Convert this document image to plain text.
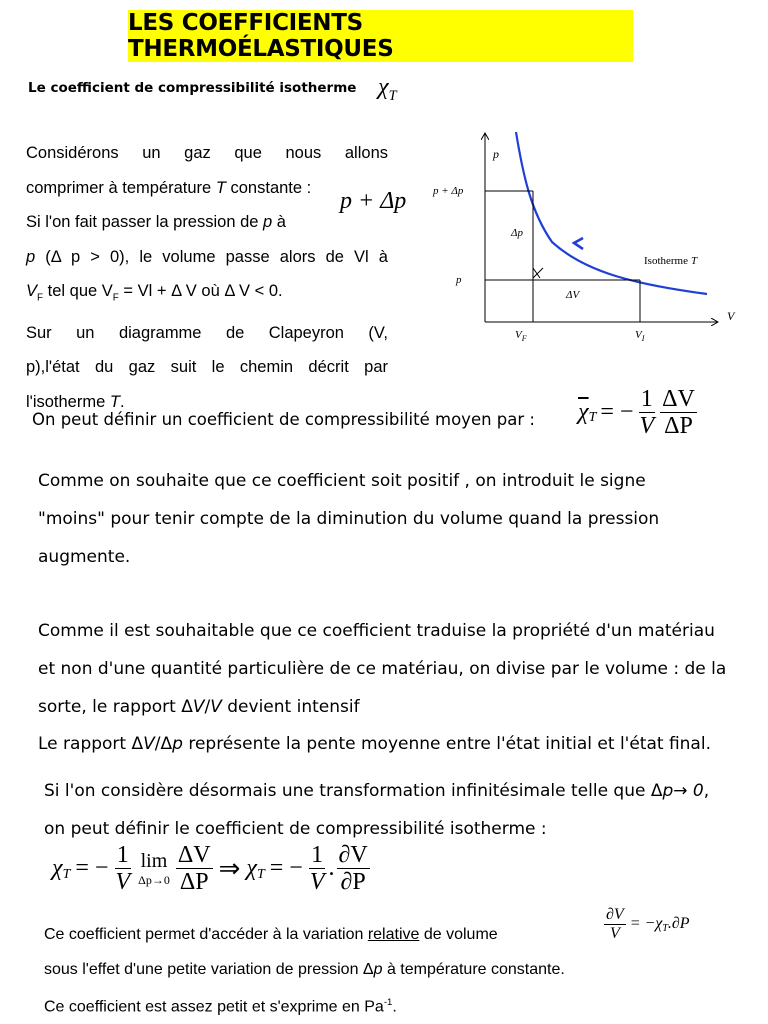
LES COEFFICIENTS THERMOÉLASTIQUES
Le coefficient de compressibilité isotherme $\chi_T$
Considérons un gaz que nous allons
comprimer à température T constante :
Si l'on fait passer la pression de p à
p (Δ p > 0), le volume passe alors de Vl à
$V_F$ tel que $V_F = Vl + \Delta$ V où Δ V < 0.
Sur un diagramme de Clapeyron (V,
p),l'état du gaz suit le chemin décrit par
l'isotherme T.
p + Δp
p
V
p + Δp
p
Δp
ΔV
$V_F$	$V_I$
Isotherme T
On peut définir un coefficient de compressibilité moyen par : $\overline{\chi}_T$ = − $\frac{1}{V} \frac{\Delta V}{\Delta P}$
Comme on souhaite que ce coefficient soit positif , on introduit le signe
"moins" pour tenir compte de la diminution du volume quand la pression
augmente.
Comme il est souhaitable que ce coefficient traduise la propriété d'un matériau
et non d'une quantité particulière de ce matériau, on divise par le volume : de la
sorte, le rapport ΔV/V devient intensif
Le rapport ΔV/Δp représente la pente moyenne entre l'état initial et l'état final.
Si l'on considère désormais une transformation infinitésimale telle que Δp→ 0,
on peut définir le coefficient de compressibilité isotherme :
$\chi_T$ = − $\frac{1}{V}$ lim
$\Delta p\to 0 \frac{\Delta V}{\Delta P}$ ⇒ $\chi_T$ = − $\frac{1}{V}$ . $\frac{\partial V}{\partial P}$
Ce coefficient permet d'accéder à la variation relative de volume	$\frac{\partial V}{V} = -\chi_T$ .∂P
sous l'effet d'une petite variation de pression Δp à température constante.
Ce coefficient est assez petit et s'exprime en $Pa^{-1}$.
